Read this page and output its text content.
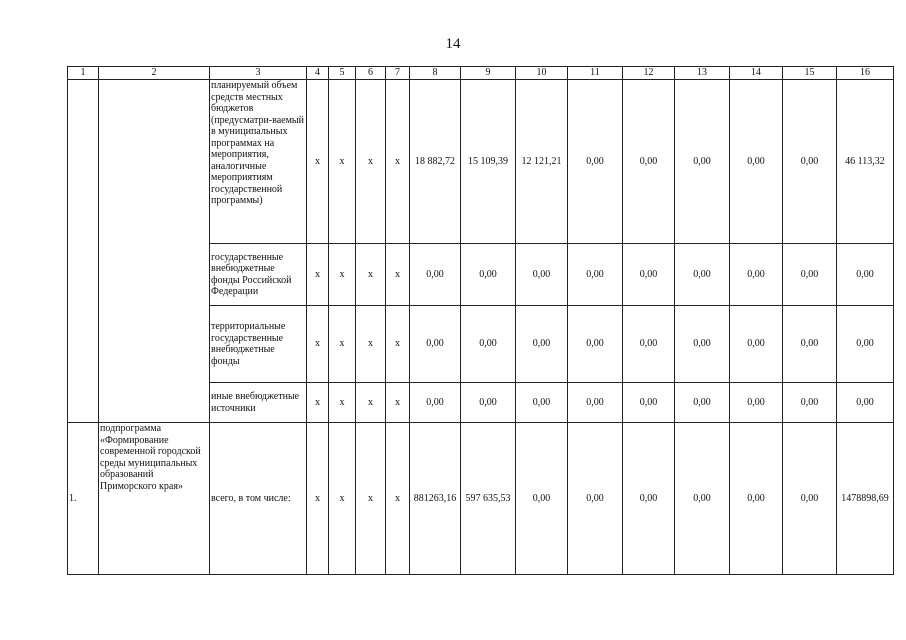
14
1	2	3	4	5	6	7	8	9	10	11	12	13	14	15	16
		планируемый объем средств местных бюджетов (предусматри-ваемый в муниципальных программах на мероприятия, аналогичные мероприятиям государственной программы)	x	x	x	x	18 882,72	15 109,39	12 121,21	0,00	0,00	0,00	0,00	0,00	46 113,32
		государственные внебюджетные фонды Российской Федерации	x	x	x	x	0,00	0,00	0,00	0,00	0,00	0,00	0,00	0,00	0,00
		территориальные государственные внебюджетные фонды	x	x	x	x	0,00	0,00	0,00	0,00	0,00	0,00	0,00	0,00	0,00
		иные внебюджетные источники	x	x	x	x	0,00	0,00	0,00	0,00	0,00	0,00	0,00	0,00	0,00
1.	подпрограмма «Формирование современной городской среды муниципальных образований Приморского края»	всего, в том числе:	x	x	x	x	881263,16	597 635,53	0,00	0,00	0,00	0,00	0,00	0,00	1478898,69
